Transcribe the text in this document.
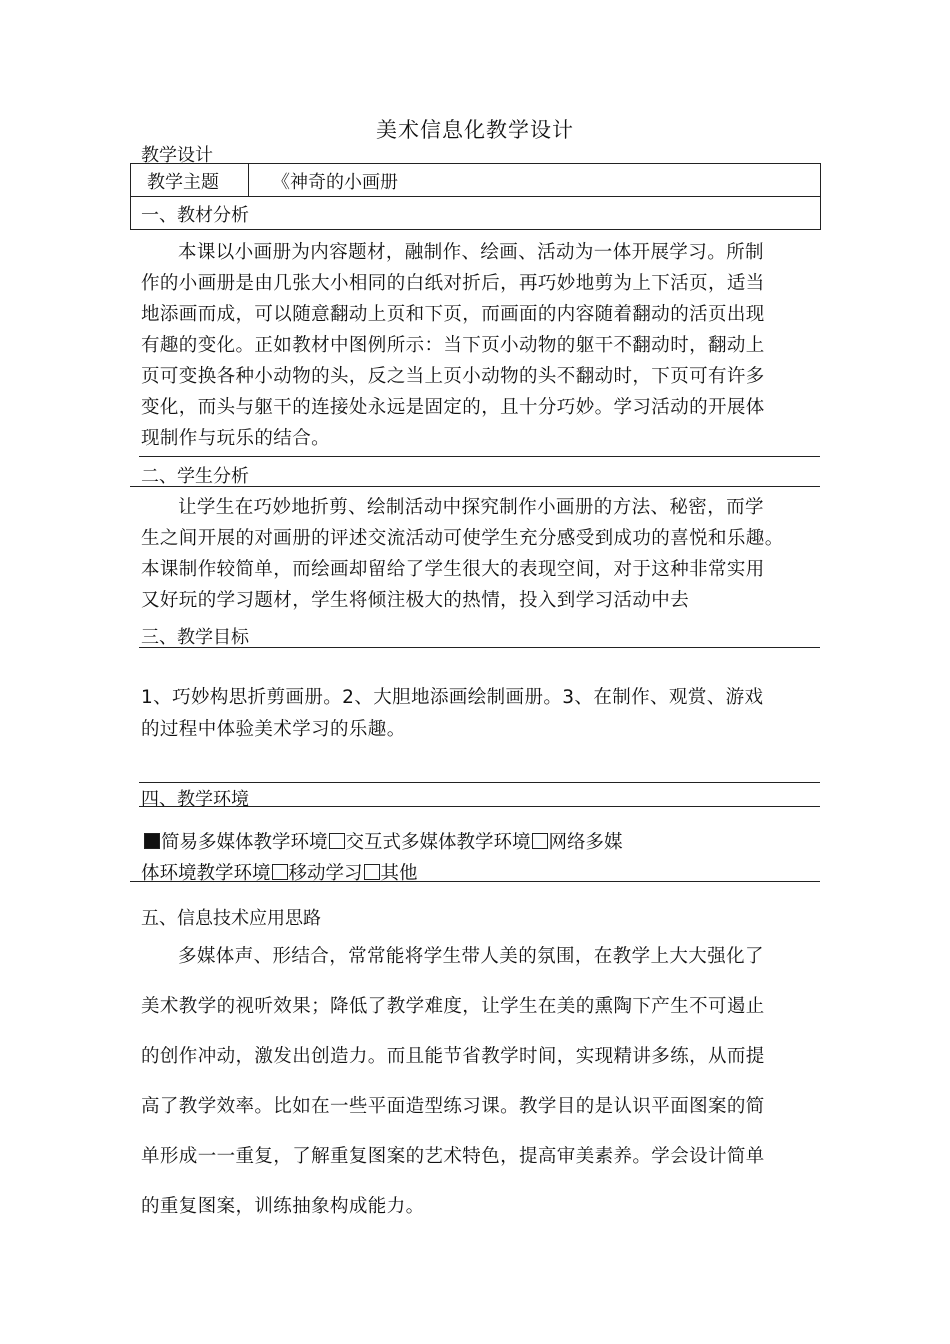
美术信息化教学设计
教学设计
教学主题	《神奇的小画册
一、教材分析

本课以小画册为内容题材，融制作、绘画、活动为一体开展学习。所制

作的小画册是由几张大小相同的白纸对折后，再巧妙地剪为上下活页，适当

地添画而成，可以随意翻动上页和下页，而画面的内容随着翻动的活页出现

有趣的变化。正如教材中图例所示：当下页小动物的躯干不翻动时，翻动上

页可变换各种小动物的头，反之当上页小动物的头不翻动时，下页可有许多

变化，而头与躯干的连接处永远是固定的，且十分巧妙。学习活动的开展体

现制作与玩乐的结合。

二、学生分析

让学生在巧妙地折剪、绘制活动中探究制作小画册的方法、秘密，而学

生之间开展的对画册的评述交流活动可使学生充分感受到成功的喜悦和乐趣。

本课制作较简单，而绘画却留给了学生很大的表现空间，对于这种非常实用

又好玩的学习题材，学生将倾注极大的热情，投入到学习活动中去

三、教学目标

1、巧妙构思折剪画册。2、大胆地添画绘制画册。3、在制作、观赏、游戏

的过程中体验美术学习的乐趣。

四、教学环境
简易多媒体教学环境 交互式多媒体教学环境 网络多媒
体环境教学环境 移动学习 其他
五、信息技术应用思路

多媒体声、形结合，常常能将学生带人美的氛围，在教学上大大强化了

美术教学的视听效果；降低了教学难度，让学生在美的熏陶下产生不可遏止

的创作冲动，激发出创造力。而且能节省教学时间，实现精讲多练，从而提

高了教学效率。比如在一些平面造型练习课。教学目的是认识平面图案的简

单形成一一重复，了解重复图案的艺术特色，提高审美素养。学会设计简单

的重复图案，训练抽象构成能力。
